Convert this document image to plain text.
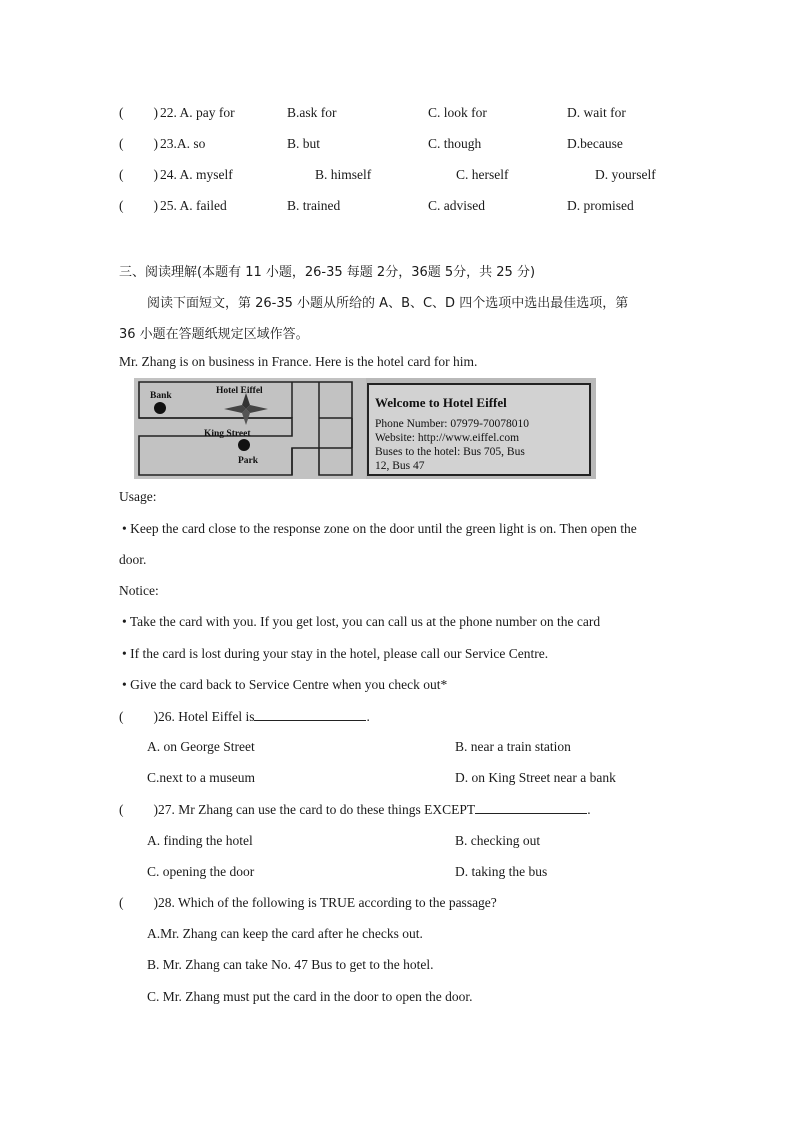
( ) 22. A. pay for	B.ask for	C. look for	D. wait for
( ) 23.A. so	B. but	C. though	D.because
( ) 24. A. myself	B. himself	C. herself	D. yourself
( ) 25. A. failed	B. trained	C. advised	D. promised
三、阅读理解(本题有 11 小题，26-35 每题 2分，36题 5分，共 25 分)
阅读下面短文，第 26-35 小题从所给的 A、B、C、D 四个选项中选出最佳选项，第
36 小题在答题纸规定区域作答。
Mr. Zhang is on business in France. Here is the hotel card for him.
Bank	Hotel Eiffel
King Street
Park
Welcome to Hotel Eiffel
Phone Number: 07979-70078010
Website: http://www.eiffel.com
Buses to the hotel: Bus 705, Bus
12, Bus 47
Usage:
• Keep the card close to the response zone on the door until the green light is on. Then open the
door.
Notice:
• Take the card with you. If you get lost, you can call us at the phone number on the card
• If the card is lost during your stay in the hotel, please call our Service Centre.
• Give the card back to Service Centre when you check out*
( )26. Hotel Eiffel is	.
A. on George Street	B. near a train station
C.next to a museum	D. on King Street near a bank
( )27. Mr Zhang can use the card to do these things EXCEPT	.
A. finding the hotel	B. checking out
C. opening the door	D. taking the bus
( )28. Which of the following is TRUE according to the passage?
A.Mr. Zhang can keep the card after he checks out.
B. Mr. Zhang can take No. 47 Bus to get to the hotel.
C. Mr. Zhang must put the card in the door to open the door.
